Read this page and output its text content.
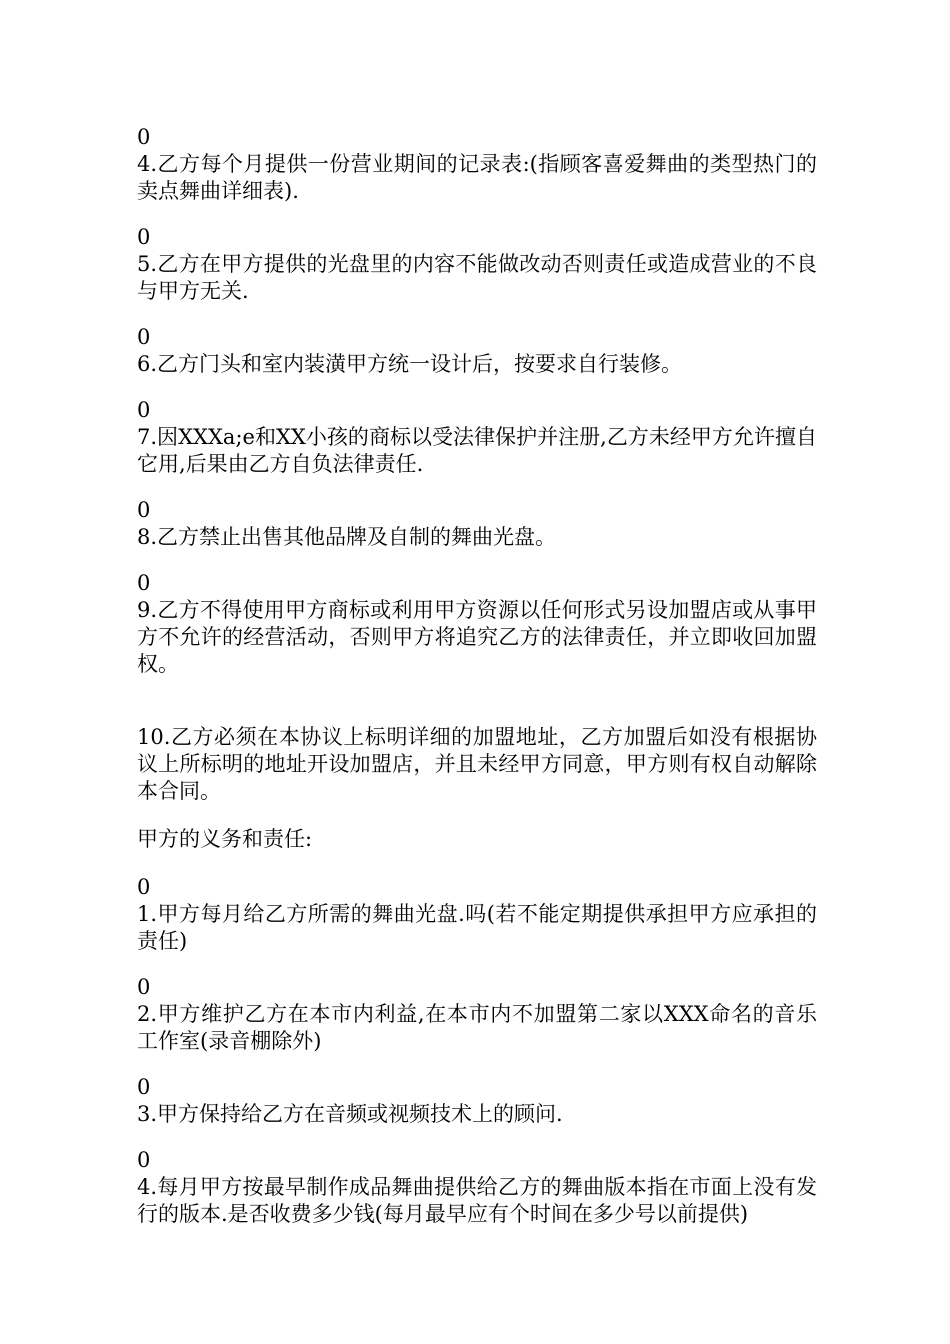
0
4.乙方每个月提供一份营业期间的记录表:(指顾客喜爱舞曲的类型热门的卖点舞曲详细表).
0
5.乙方在甲方提供的光盘里的内容不能做改动否则责任或造成营业的不良与甲方无关.
0
6.乙方门头和室内装潢甲方统一设计后，按要求自行装修。
0
7.因XXXa;e和XX小孩的商标以受法律保护并注册,乙方未经甲方允许擅自它用,后果由乙方自负法律责任.
0
8.乙方禁止出售其他品牌及自制的舞曲光盘。
0
9.乙方不得使用甲方商标或利用甲方资源以任何形式另设加盟店或从事甲方不允许的经营活动，否则甲方将追究乙方的法律责任，并立即收回加盟权。
10.乙方必须在本协议上标明详细的加盟地址，乙方加盟后如没有根据协议上所标明的地址开设加盟店，并且未经甲方同意，甲方则有权自动解除本合同。
甲方的义务和责任:
0
1.甲方每月给乙方所需的舞曲光盘.吗(若不能定期提供承担甲方应承担的责任)
0
2.甲方维护乙方在本市内利益,在本市内不加盟第二家以XXX命名的音乐工作室(录音棚除外)
0
3.甲方保持给乙方在音频或视频技术上的顾问.
0
4.每月甲方按最早制作成品舞曲提供给乙方的舞曲版本指在市面上没有发行的版本.是否收费多少钱(每月最早应有个时间在多少号以前提供)
